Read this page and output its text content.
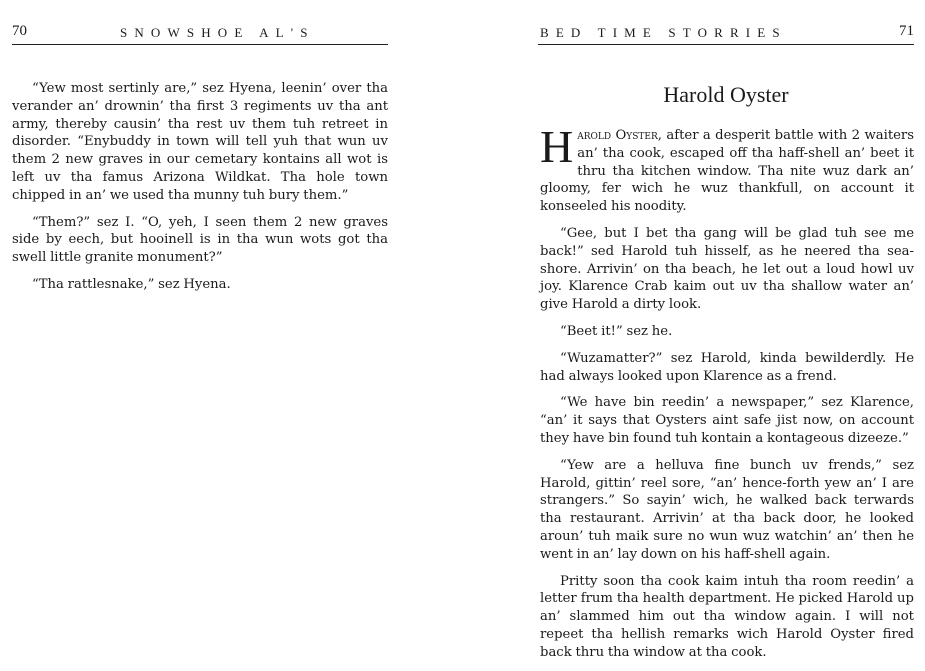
70	SNOWSHOE AL'S

“Yew most sertinly are,” sez Hyena, leenin’ over tha verander an’ drownin’ tha first 3 regiments uv tha ant army, thereby causin’ tha rest uv them tuh retreet in disorder. “Enybuddy in town will tell yuh that wun uv them 2 new graves in our cemetary kontains all wot is left uv tha famus Arizona Wildkat. Tha hole town chipped in an’ we used tha munny tuh bury them.”

“Them?” sez I. “O, yeh, I seen them 2 new graves side by eech, but hooinell is in tha wun wots got tha swell little granite monument?”

“Tha rattlesnake,” sez Hyena.

BED TIME STORRIES	71
Harold Oyster

Harold Oyster, after a desperit battle with 2 waiters an’ tha cook, escaped off tha haff-shell an’ beet it thru tha kitchen window. Tha nite wuz dark an’ gloomy, fer wich he wuz thankfull, on account it konseeled his noodity.

“Gee, but I bet tha gang will be glad tuh see me back!” sed Harold tuh hisself, as he neered tha sea-shore. Arrivin’ on tha beach, he let out a loud howl uv joy. Klarence Crab kaim out uv tha shallow water an’ give Harold a dirty look.

“Beet it!” sez he.

“Wuzamatter?” sez Harold, kinda bewilderdly. He had always looked upon Klarence as a frend.

“We have bin reedin’ a newspaper,” sez Klarence, “an’ it says that Oysters aint safe jist now, on account they have bin found tuh kontain a kontageous dizeeze.”

“Yew are a helluva fine bunch uv frends,” sez Harold, gittin’ reel sore, “an’ hence-forth yew an’ I are strangers.” So sayin’ wich, he walked back terwards tha restaurant. Arrivin’ at tha back door, he looked aroun’ tuh maik sure no wun wuz watchin’ an’ then he went in an’ lay down on his haff-shell again.

Pritty soon tha cook kaim intuh tha room reedin’ a letter frum tha health department. He picked Harold up an’ slammed him out tha window again. I will not repeet tha hellish remarks wich Harold Oyster fired back thru tha window at tha cook.
